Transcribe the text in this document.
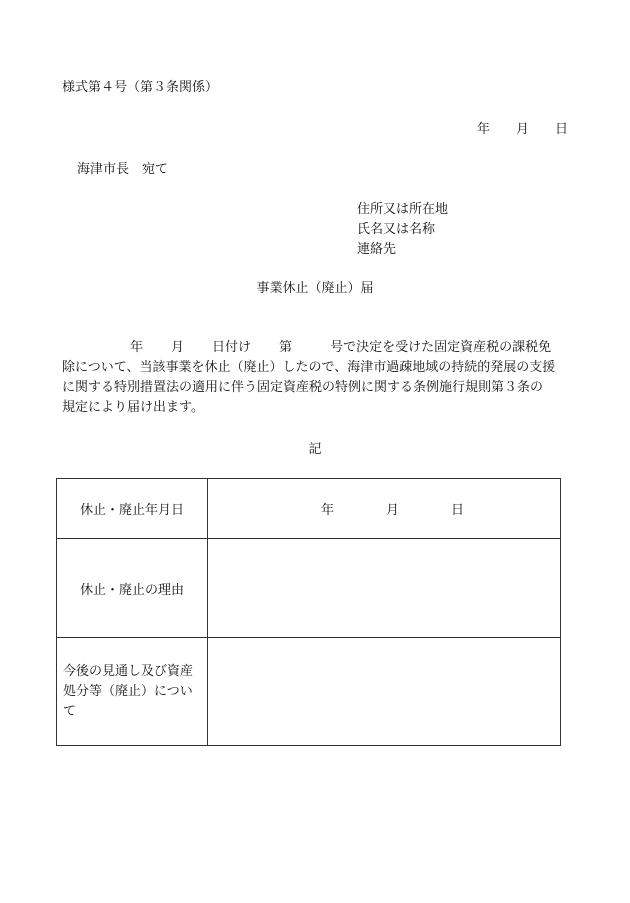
様式第４号（第３条関係）
年 月 日
海津市長　宛て
住所又は所在地
氏名又は名称
連絡先
事業休止（廃止）届
年 月 日付け 第	号で決定を受けた固定資産税の課税免
除について、当該事業を休止（廃止）したので、海津市過疎地域の持続的発展の支援
に関する特別措置法の適用に伴う固定資産税の特例に関する条例施行規則第３条の
規定により届け出ます。
記
休止・廃止年月日	年 月 日
休止・廃止の理由	

今後の見通し及び資産
処分等（廃止）につい
て	
